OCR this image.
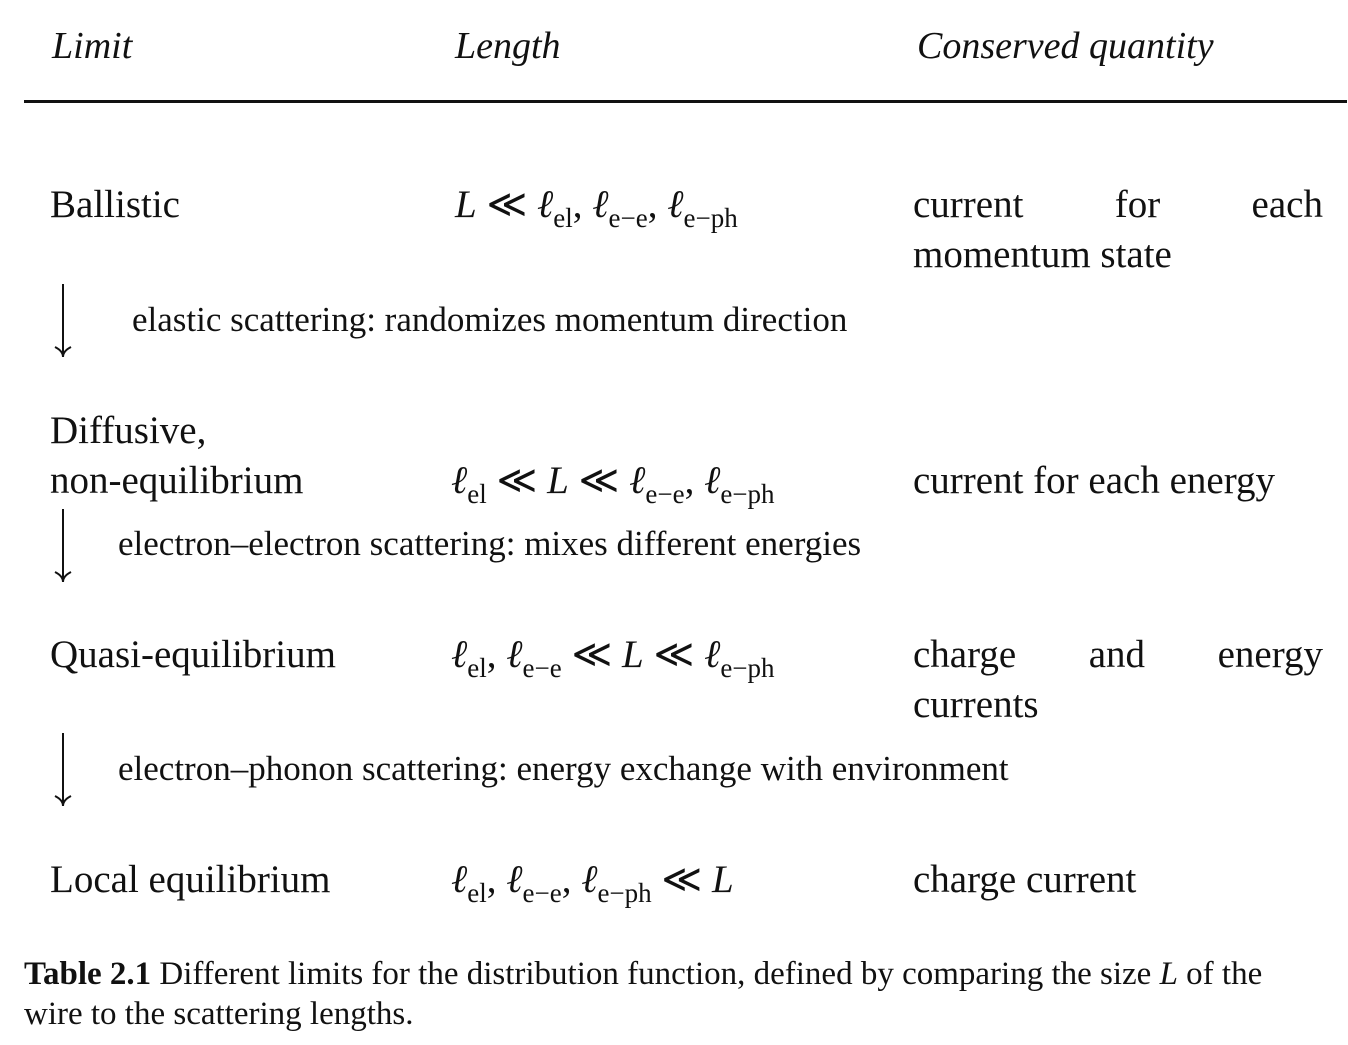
Limit	Length	Conserved quantity
Ballistic	L ≪ ℓ$_{el}$, ℓ$_{e-e}$, ℓ$_{e-ph}$	current for each
momentum state
elastic scattering: randomizes momentum direction
Diffusive,
non-equilibrium	ℓ$_{el}$ ≪ L ≪ ℓ$_{e-e}$, ℓ$_{e-ph}$	current for each energy
electron–electron scattering: mixes different energies
Quasi-equilibrium	ℓ$_{el}$, ℓ$_{e-e}$ ≪ L ≪ ℓ$_{e-ph}$	charge and energy
currents
electron–phonon scattering: energy exchange with environment
Local equilibrium	ℓ$_{el}$, ℓ$_{e-e}$, ℓ$_{e-ph}$ ≪ L	charge current
Table 2.1 Different limits for the distribution function, defined by comparing the size L of the wire to the scattering lengths.
